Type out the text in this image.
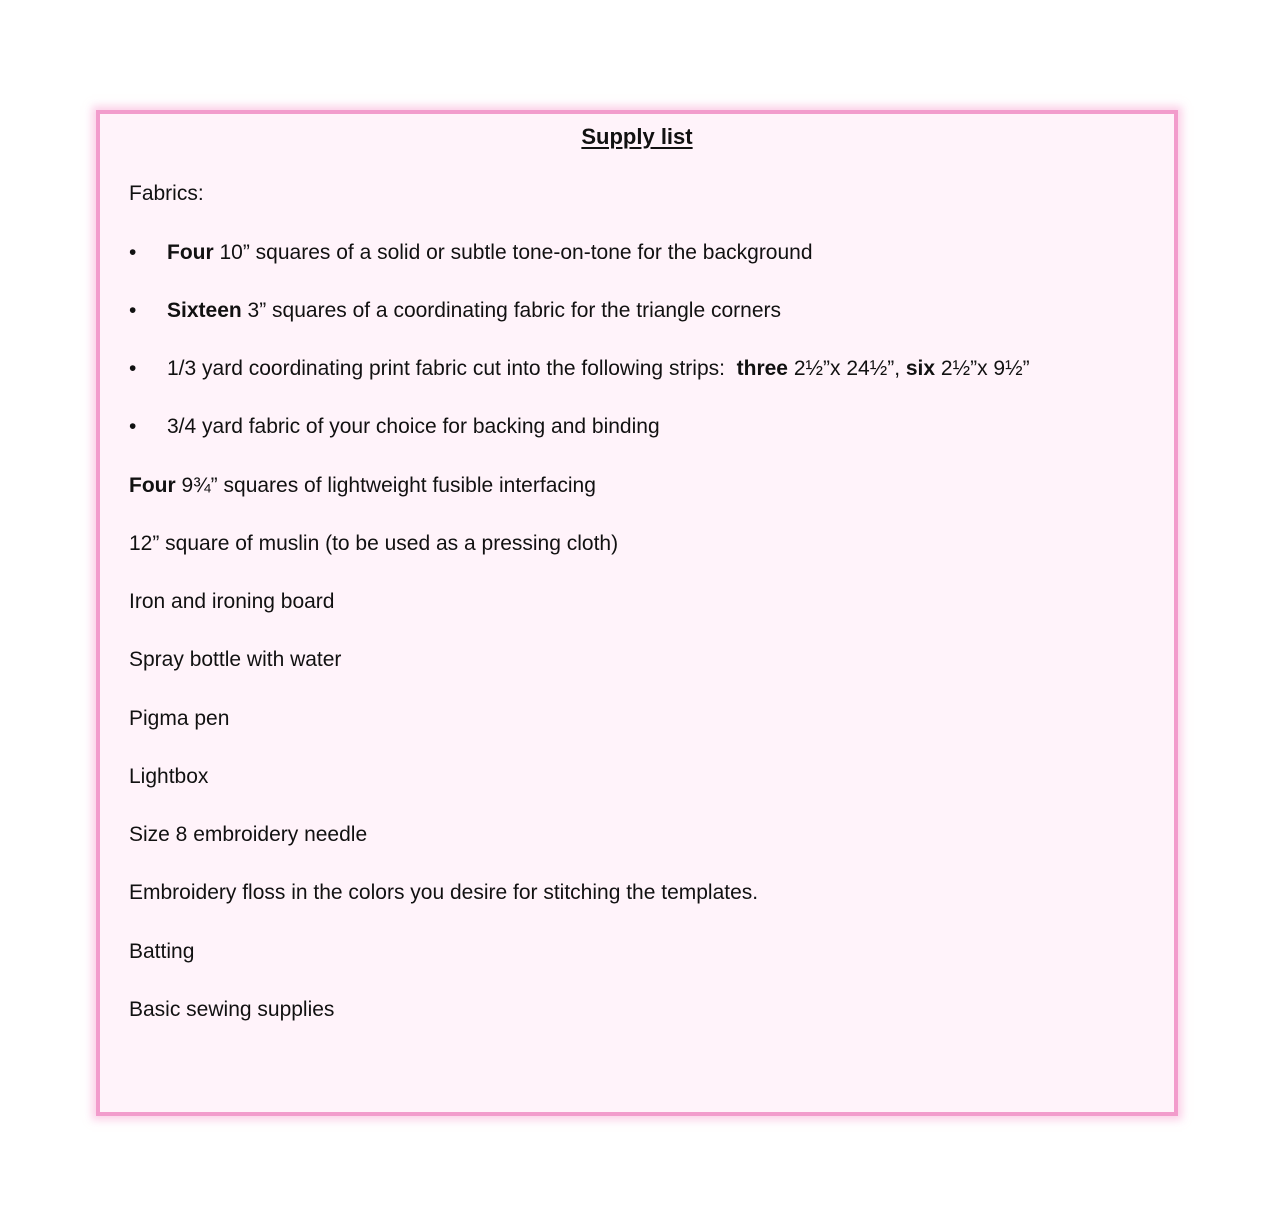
Supply list
Fabrics:
• Four 10” squares of a solid or subtle tone-on-tone for the background
• Sixteen 3” squares of a coordinating fabric for the triangle corners
• 1/3 yard coordinating print fabric cut into the following strips:  three 2½”x 24½”, six 2½”x 9½”
• 3/4 yard fabric of your choice for backing and binding
Four 9¾” squares of lightweight fusible interfacing
12” square of muslin (to be used as a pressing cloth)
Iron and ironing board
Spray bottle with water
Pigma pen
Lightbox
Size 8 embroidery needle
Embroidery floss in the colors you desire for stitching the templates.
Batting
Basic sewing supplies
